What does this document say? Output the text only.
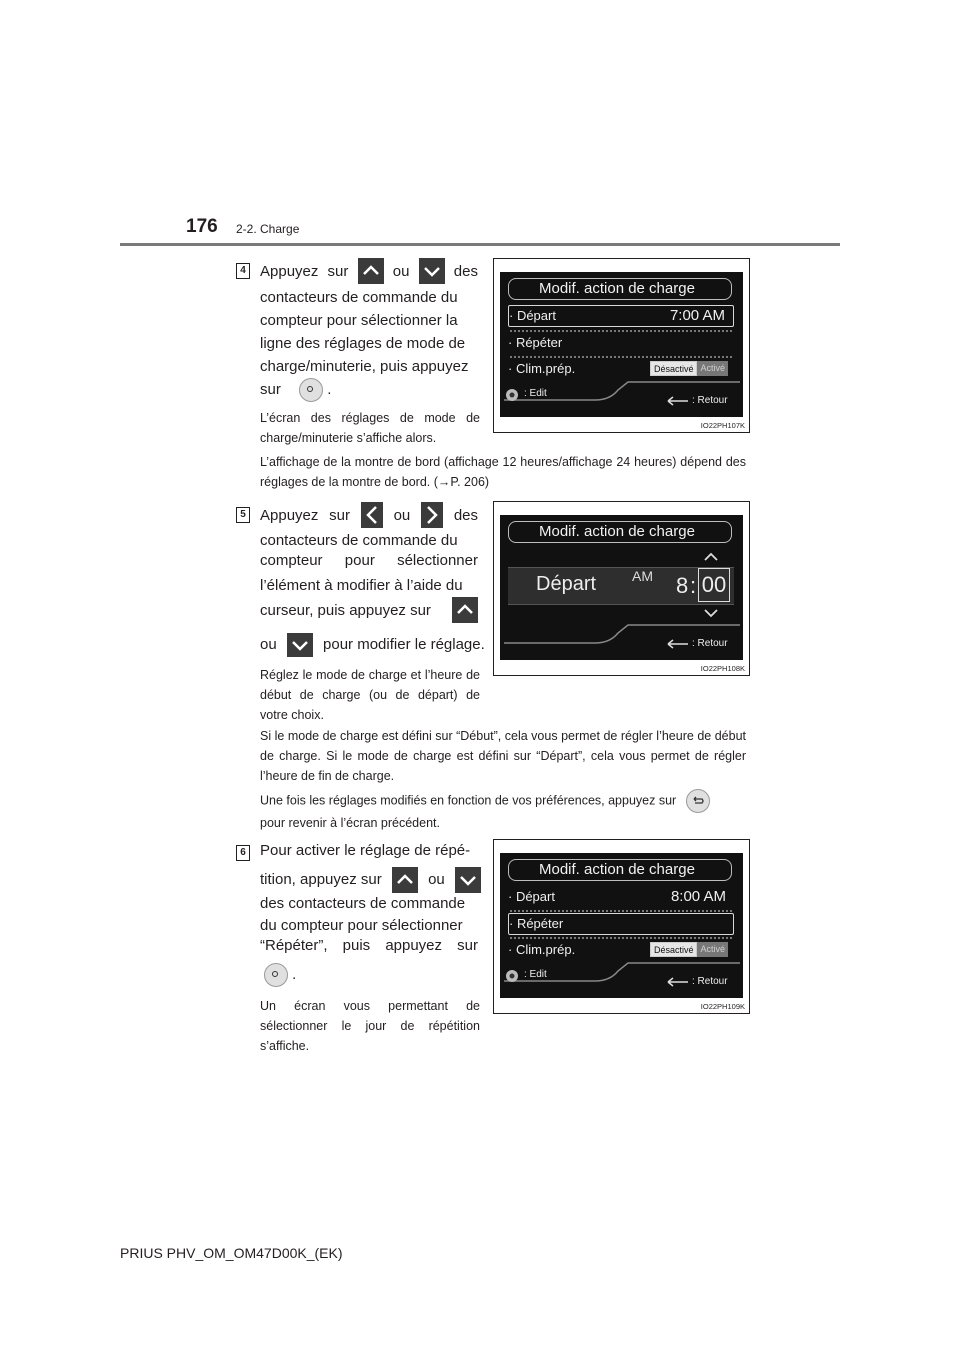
176 2-2. Charge
4 Appuyez sur	ou	des
contacteurs de commande du
compteur pour sélectionner la
ligne des réglages de mode de
charge/minuterie, puis appuyez
sur	.
L’écran des réglages de mode de charge/minuterie s’affiche alors.
L’affichage de la montre de bord (affichage 12 heures/affichage 24 heures) dépend des réglages de la montre de bord. (→P. 206)
Modif. action de charge
· Départ	7:00 AM
· Répéter
· Clim.prép.	Désactivé Activé
: Edit
: Retour
IO22PH107K
5 Appuyez sur	ou	des
contacteurs de commande du
compteur pour sélectionner
l’élément à modifier à l’aide du
curseur, puis appuyez sur
ou	pour modifier le réglage.
Réglez le mode de charge et l’heure de début de charge (ou de départ) de votre choix.
Si le mode de charge est défini sur “Début”, cela vous permet de régler l’heure de début de charge. Si le mode de charge est défini sur “Départ”, cela vous permet de régler l’heure de fin de charge.
Une fois les réglages modifiés en fonction de vos préférences, appuyez sur

pour revenir à l’écran précédent.
Modif. action de charge
Départ	AM 8 : 00
: Retour
IO22PH108K
6 Pour activer le réglage de répé-
tition, appuyez sur	ou
des contacteurs de commande
du compteur pour sélectionner
“Répéter”, puis appuyez sur
.
Un écran vous permettant de sélectionner le jour de répétition s’affiche.
Modif. action de charge
· Départ	8:00 AM
· Répéter
· Clim.prép.	Désactivé Activé
: Edit
: Retour
IO22PH109K
PRIUS PHV_OM_OM47D00K_(EK)
